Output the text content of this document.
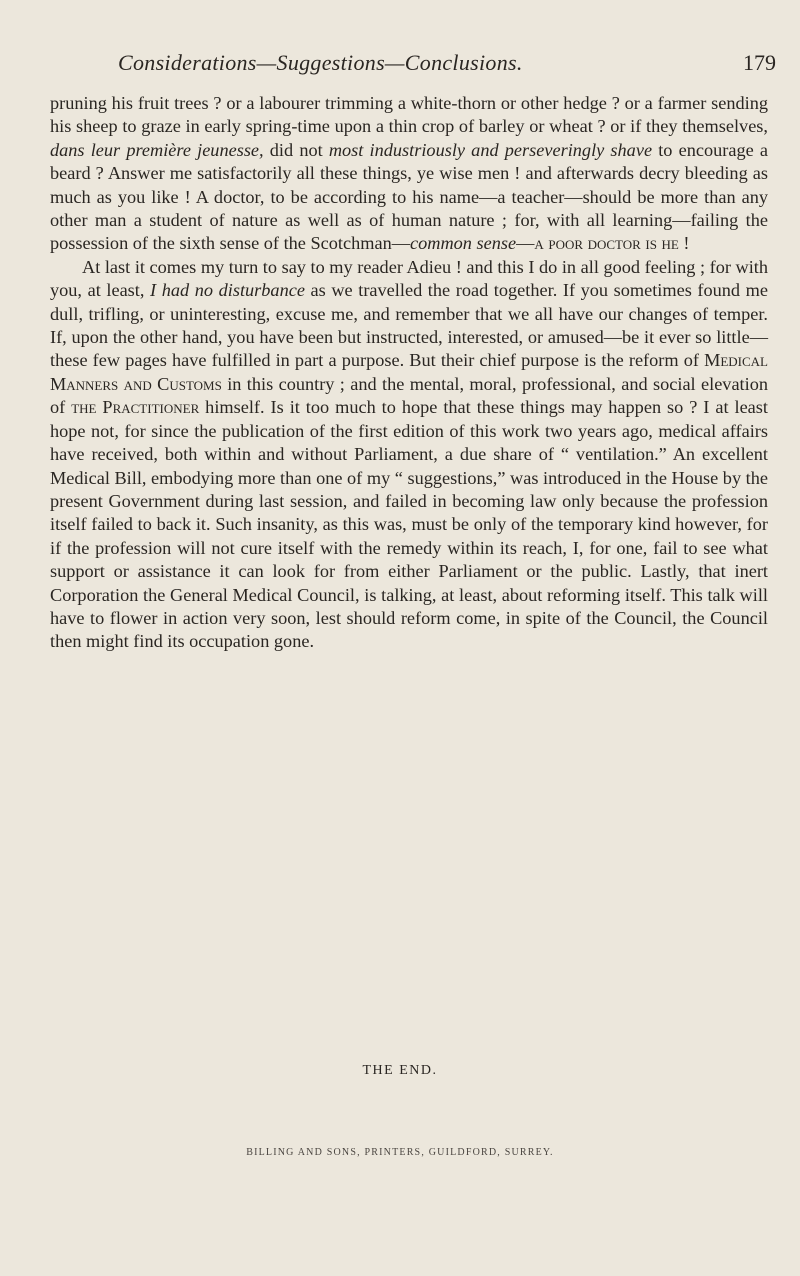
Considerations—Suggestions—Conclusions.	179

pruning his fruit trees ? or a labourer trimming a white-thorn or other hedge ? or a farmer sending his sheep to graze in early spring-time upon a thin crop of barley or wheat ? or if they themselves, dans leur première jeunesse, did not most industriously and perseveringly shave to encourage a beard ? Answer me satisfactorily all these things, ye wise men ! and afterwards decry bleeding as much as you like ! A doctor, to be according to his name—a teacher—should be more than any other man a student of nature as well as of human nature ; for, with all learning—failing the possession of the sixth sense of the Scotchman—common sense—a poor doctor is he !

At last it comes my turn to say to my reader Adieu ! and this I do in all good feeling ; for with you, at least, I had no disturbance as we travelled the road together. If you sometimes found me dull, trifling, or uninteresting, excuse me, and remember that we all have our changes of temper. If, upon the other hand, you have been but instructed, interested, or amused—be it ever so little—these few pages have fulfilled in part a purpose. But their chief purpose is the reform of Medical Manners and Customs in this country ; and the mental, moral, professional, and social elevation of the Practitioner himself. Is it too much to hope that these things may happen so ? I at least hope not, for since the publication of the first edition of this work two years ago, medical affairs have received, both within and without Parliament, a due share of “ ventilation.” An excellent Medical Bill, embodying more than one of my “ suggestions,” was introduced in the House by the present Government during last session, and failed in becoming law only because the profession itself failed to back it. Such insanity, as this was, must be only of the temporary kind however, for if the profession will not cure itself with the remedy within its reach, I, for one, fail to see what support or assistance it can look for from either Parliament or the public. Lastly, that inert Corporation the General Medical Council, is talking, at least, about reforming itself. This talk will have to flower in action very soon, lest should reform come, in spite of the Council, the Council then might find its occupation gone.

THE END.
BILLING AND SONS, PRINTERS, GUILDFORD, SURREY.
